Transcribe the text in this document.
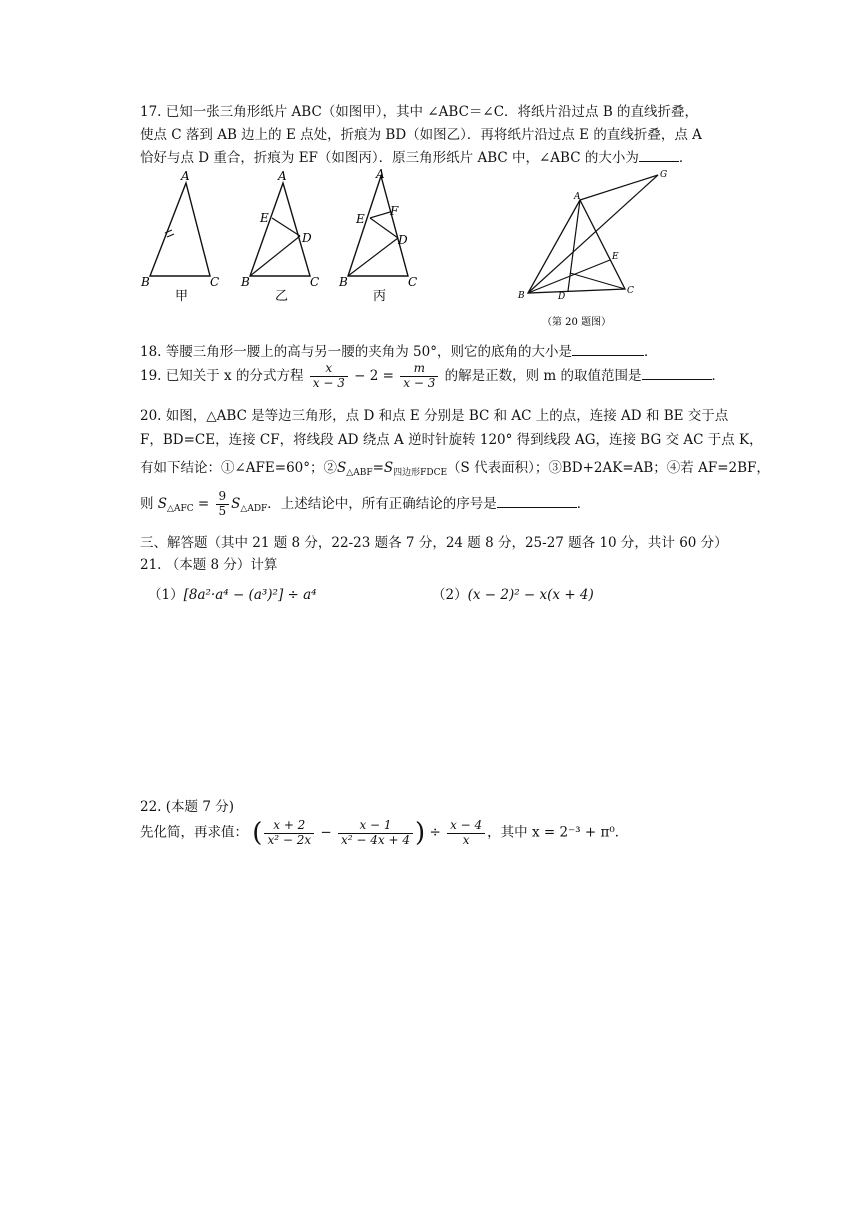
17. 已知一张三角形纸片 ABC（如图甲），其中 ∠ABC＝∠C．将纸片沿过点 B 的直线折叠，
使点 C 落到 AB 边上的 E 点处，折痕为 BD（如图乙）．再将纸片沿过点 E 的直线折叠，点 A
恰好与点 D 重合，折痕为 EF（如图丙）．原三角形纸片 ABC 中，∠ABC 的大小为	．
A
B	C
甲
A
E
D
B	C
乙
A
E
F
D
B	C
丙
G
A
E
B	D
C
（第 20 题图）
18. 等腰三角形一腰上的高与另一腰的夹角为 50°，则它的底角的大小是	．
19. 已知关于 x 的分式方程 $\frac{x}{x - 3} - 2 = \frac{m}{x - 3}$ 的解是正数，则 m 的取值范围是	．
20. 如图，△ABC 是等边三角形，点 D 和点 E 分别是 BC 和 AC 上的点，连接 AD 和 BE 交于点
F，BD=CE，连接 CF，将线段 AD 绕点 A 逆时针旋转 120° 得到线段 AG，连接 BG 交 AC 于点 K，
有如下结论：①∠AFE=60°；$②S_{\triangle ABF}=S_{四边形FDCE}(S$ 代表面积）；③BD+2AK=AB；④若 AF=2BF，
则 $S_{\triangle AFC} = \frac{9}{5} S_{\triangle ADF}$．上述结论中，所有正确结论的序号是	．
三、解答题（其中 21 题 8 分，22-23 题各 7 分，24 题 8 分，25-27 题各 10 分，共计 60 分）
21. （本题 8 分）计算
（1）[8a²·a⁴ − (a³)²] ÷ a⁴	（2）(x − 2)² − x(x + 4)
22. (本题 7 分)
先化简，再求值： ( $\frac{x + 2}{\text{x² − 2x}} - \frac{x - 1}{\text{x² − 4x + 4}}$ ) ÷ $\frac{x - 4}{x}$ ，其中 x = 2⁻³ + π⁰．
